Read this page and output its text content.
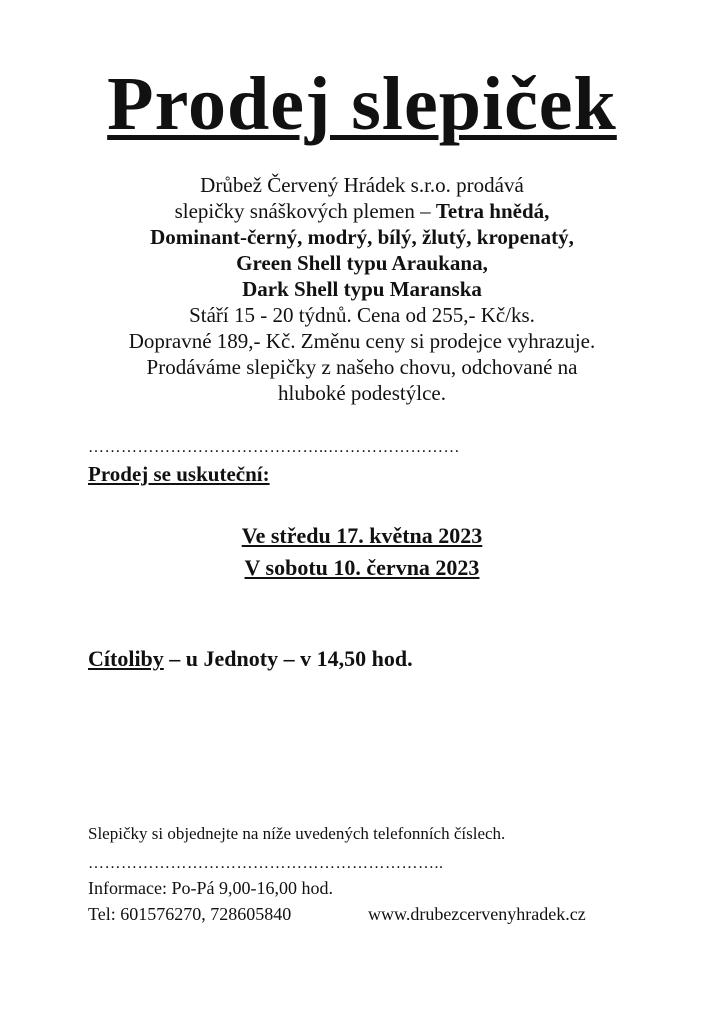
Prodej slepiček
Drůbež Červený Hrádek s.r.o. prodává
slepičky snáškových plemen – Tetra hnědá,
Dominant-černý, modrý, bílý, žlutý, kropenatý,
Green Shell typu Araukana,
Dark Shell typu Maranska
Stáří 15 - 20 týdnů. Cena od 255,- Kč/ks.
Dopravné 189,- Kč. Změnu ceny si prodejce vyhrazuje.
Prodáváme slepičky z našeho chovu, odchované na
hluboké podestýlce.
……………………………………..……………………
Prodej se uskuteční:
Ve středu 17. května 2023
V sobotu 10. června 2023
Cítoliby – u Jednoty – v 14,50 hod.
Slepičky si objednejte na níže uvedených telefonních číslech.
………………………………………………………..
Informace: Po-Pá 9,00-16,00 hod.
Tel: 601576270, 728605840	www.drubezcervenyhradek.cz
